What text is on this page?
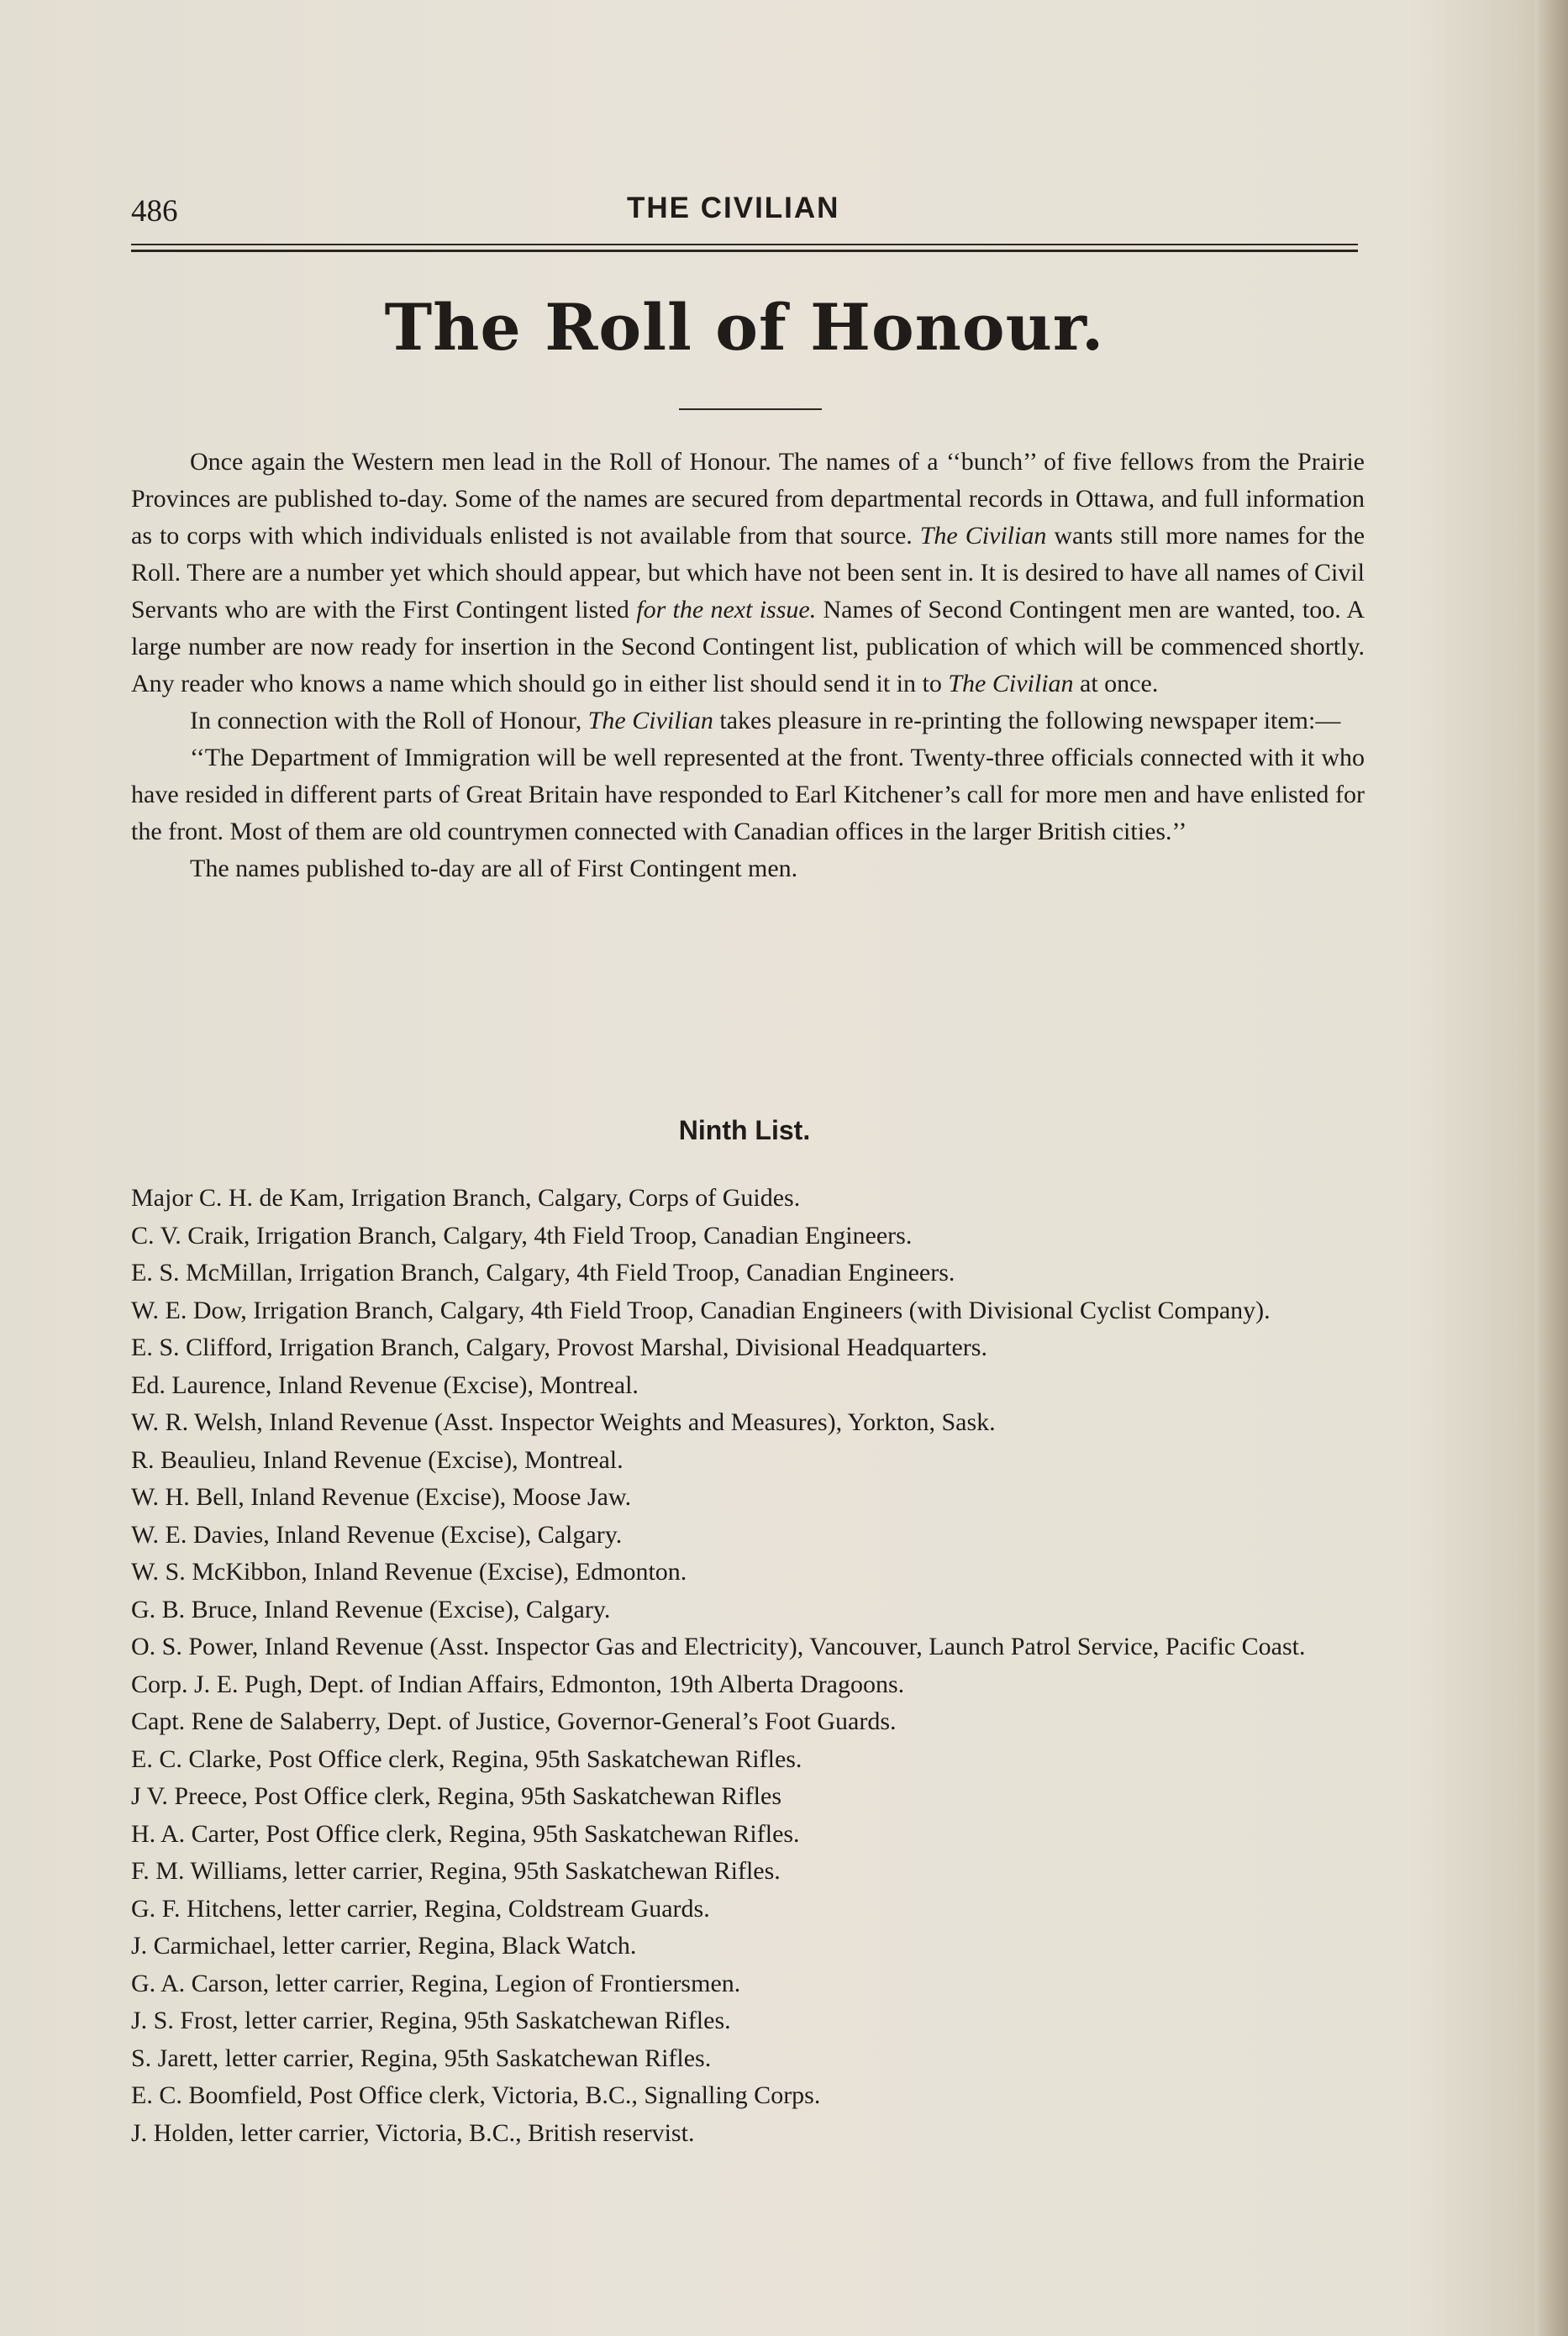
486	THE CIVILIAN
The Roll of Honour.

Once again the Western men lead in the Roll of Honour. The names of a ‘‘bunch’’ of five fellows from the Prairie Provinces are published to-day. Some of the names are secured from departmental records in Ottawa, and full information as to corps with which individuals enlisted is not available from that source. The Civilian wants still more names for the Roll. There are a number yet which should appear, but which have not been sent in. It is desired to have all names of Civil Servants who are with the First Contingent listed for the next issue. Names of Second Contingent men are wanted, too. A large number are now ready for insertion in the Second Contingent list, publication of which will be commenced shortly. Any reader who knows a name which should go in either list should send it in to The Civilian at once.

In connection with the Roll of Honour, The Civilian takes pleasure in re-printing the following newspaper item:—

‘‘The Department of Immigration will be well represented at the front. Twenty-three officials connected with it who have resided in different parts of Great Britain have responded to Earl Kitchener’s call for more men and have enlisted for the front. Most of them are old countrymen connected with Canadian offices in the larger British cities.’’

The names published to-day are all of First Contingent men.

Ninth List.
Major C. H. de Kam, Irrigation Branch, Calgary, Corps of Guides.
C. V. Craik, Irrigation Branch, Calgary, 4th Field Troop, Canadian Engineers.
E. S. McMillan, Irrigation Branch, Calgary, 4th Field Troop, Canadian Engineers.
W. E. Dow, Irrigation Branch, Calgary, 4th Field Troop, Canadian Engineers (with Divisional Cyclist Company).
E. S. Clifford, Irrigation Branch, Calgary, Provost Marshal, Divisional Headquarters.
Ed. Laurence, Inland Revenue (Excise), Montreal.
W. R. Welsh, Inland Revenue (Asst. Inspector Weights and Measures), Yorkton, Sask.
R. Beaulieu, Inland Revenue (Excise), Montreal.
W. H. Bell, Inland Revenue (Excise), Moose Jaw.
W. E. Davies, Inland Revenue (Excise), Calgary.
W. S. McKibbon, Inland Revenue (Excise), Edmonton.
G. B. Bruce, Inland Revenue (Excise), Calgary.
O. S. Power, Inland Revenue (Asst. Inspector Gas and Electricity), Vancouver, Launch Patrol Service, Pacific Coast.
Corp. J. E. Pugh, Dept. of Indian Affairs, Edmonton, 19th Alberta Dragoons.
Capt. Rene de Salaberry, Dept. of Justice, Governor-General’s Foot Guards.
E. C. Clarke, Post Office clerk, Regina, 95th Saskatchewan Rifles.
J V. Preece, Post Office clerk, Regina, 95th Saskatchewan Rifles
H. A. Carter, Post Office clerk, Regina, 95th Saskatchewan Rifles.
F. M. Williams, letter carrier, Regina, 95th Saskatchewan Rifles.
G. F. Hitchens, letter carrier, Regina, Coldstream Guards.
J. Carmichael, letter carrier, Regina, Black Watch.
G. A. Carson, letter carrier, Regina, Legion of Frontiersmen.
J. S. Frost, letter carrier, Regina, 95th Saskatchewan Rifles.
S. Jarett, letter carrier, Regina, 95th Saskatchewan Rifles.
E. C. Boomfield, Post Office clerk, Victoria, B.C., Signalling Corps.
J. Holden, letter carrier, Victoria, B.C., British reservist.
